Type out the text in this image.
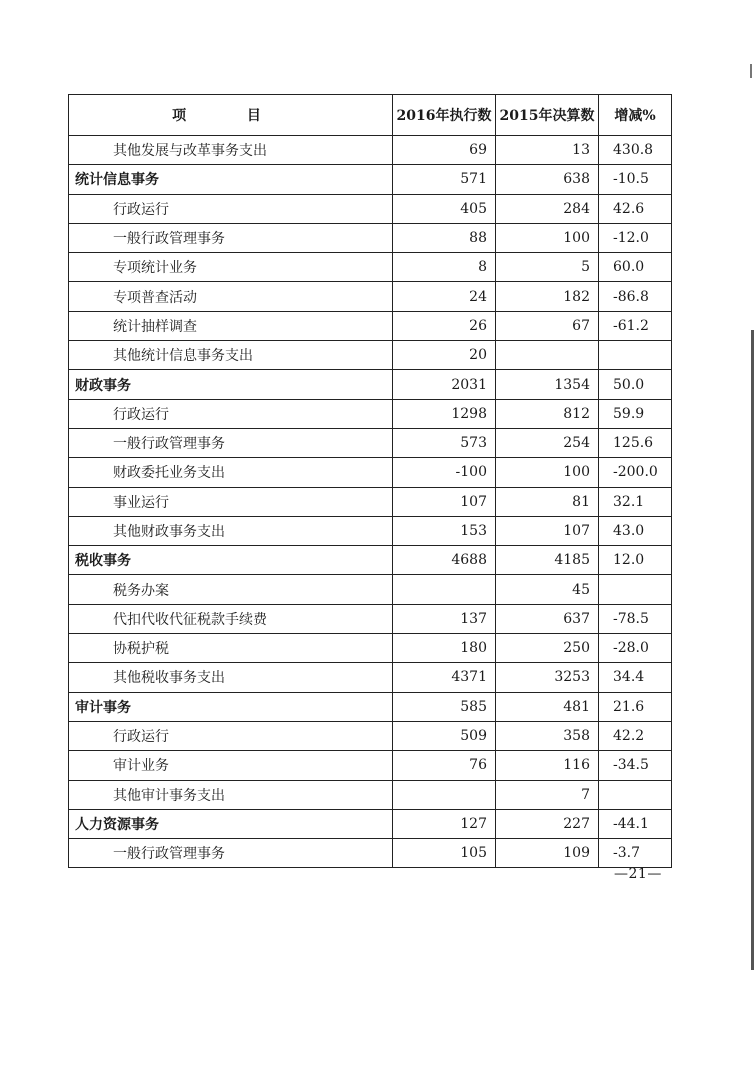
项 目	2016年执行数	2015年决算数	增减%
其他发展与改革事务支出	69	13	430.8
统计信息事务	571	638	-10.5
行政运行	405	284	42.6
一般行政管理事务	88	100	-12.0
专项统计业务	8	5	60.0
专项普查活动	24	182	-86.8
统计抽样调查	26	67	-61.2
其他统计信息事务支出	20		
财政事务	2031	1354	50.0
行政运行	1298	812	59.9
一般行政管理事务	573	254	125.6
财政委托业务支出	-100	100	-200.0
事业运行	107	81	32.1
其他财政事务支出	153	107	43.0
税收事务	4688	4185	12.0
税务办案		45	
代扣代收代征税款手续费	137	637	-78.5
协税护税	180	250	-28.0
其他税收事务支出	4371	3253	34.4
审计事务	585	481	21.6
行政运行	509	358	42.2
审计业务	76	116	-34.5
其他审计事务支出		7	
人力资源事务	127	227	-44.1
一般行政管理事务	105	109	-3.7
—21—
